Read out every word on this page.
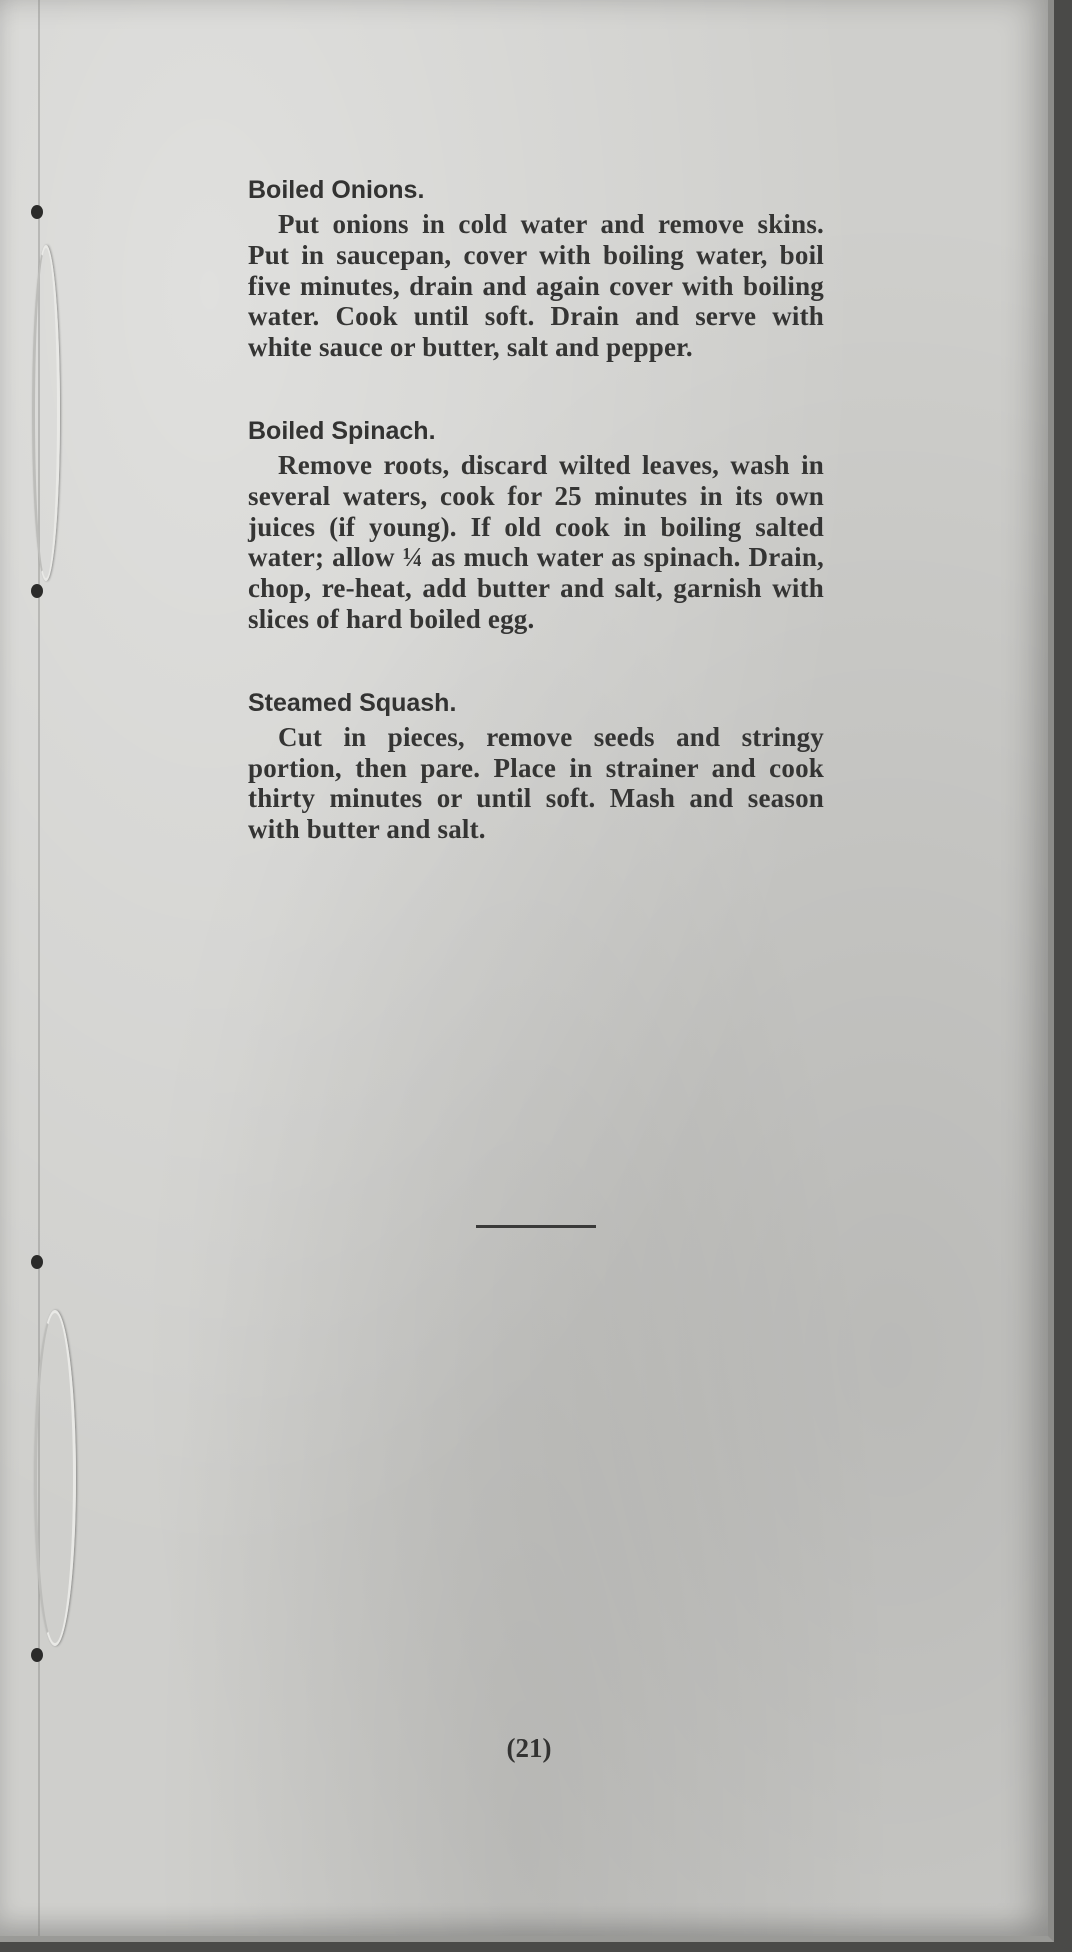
Boiled Onions.

Put onions in cold water and remove skins. Put in saucepan, cover with boiling water, boil five minutes, drain and again cover with boiling water. Cook until soft. Drain and serve with white sauce or butter, salt and pepper.

Boiled Spinach.

Remove roots, discard wilted leaves, wash in several waters, cook for 25 minutes in its own juices (if young). If old cook in boiling salted water; allow ¼ as much water as spinach. Drain, chop, re-heat, add butter and salt, garnish with slices of hard boiled egg.

Steamed Squash.

Cut in pieces, remove seeds and stringy portion, then pare. Place in strainer and cook thirty minutes or until soft. Mash and season with butter and salt.

(21)
